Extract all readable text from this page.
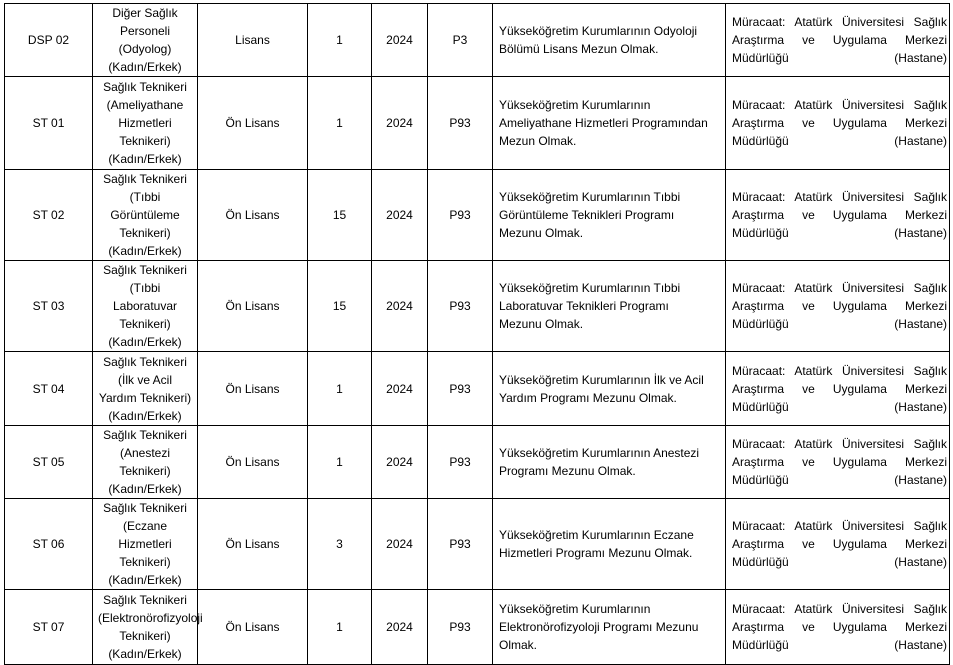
DSP 02	Diğer Sağlık Personeli (Odyolog) (Kadın/Erkek)	Lisans	1	2024	P3	Yükseköğretim Kurumlarının Odyoloji Bölümü Lisans Mezun Olmak.	Müracaat: Atatürk Üniversitesi Sağlık Araştırma ve Uygulama Merkezi Müdürlüğü (Hastane)
ST 01	Sağlık Teknikeri (Ameliyathane Hizmetleri Teknikeri) (Kadın/Erkek)	Ön Lisans	1	2024	P93	Yükseköğretim Kurumlarının Ameliyathane Hizmetleri Programından Mezun Olmak.	Müracaat: Atatürk Üniversitesi Sağlık Araştırma ve Uygulama Merkezi Müdürlüğü (Hastane)
ST 02	Sağlık Teknikeri (Tıbbi Görüntüleme Teknikeri) (Kadın/Erkek)	Ön Lisans	15	2024	P93	Yükseköğretim Kurumlarının Tıbbi Görüntüleme Teknikleri Programı Mezunu Olmak.	Müracaat: Atatürk Üniversitesi Sağlık Araştırma ve Uygulama Merkezi Müdürlüğü (Hastane)
ST 03	Sağlık Teknikeri (Tıbbi Laboratuvar Teknikeri) (Kadın/Erkek)	Ön Lisans	15	2024	P93	Yükseköğretim Kurumlarının Tıbbi Laboratuvar Teknikleri Programı Mezunu Olmak.	Müracaat: Atatürk Üniversitesi Sağlık Araştırma ve Uygulama Merkezi Müdürlüğü (Hastane)
ST 04	Sağlık Teknikeri (İlk ve Acil Yardım Teknikeri) (Kadın/Erkek)	Ön Lisans	1	2024	P93	Yükseköğretim Kurumlarının İlk ve Acil Yardım Programı Mezunu Olmak.	Müracaat: Atatürk Üniversitesi Sağlık Araştırma ve Uygulama Merkezi Müdürlüğü (Hastane)
ST 05	Sağlık Teknikeri (Anestezi Teknikeri) (Kadın/Erkek)	Ön Lisans	1	2024	P93	Yükseköğretim Kurumlarının Anestezi Programı Mezunu Olmak.	Müracaat: Atatürk Üniversitesi Sağlık Araştırma ve Uygulama Merkezi Müdürlüğü (Hastane)
ST 06	Sağlık Teknikeri (Eczane Hizmetleri Teknikeri) (Kadın/Erkek)	Ön Lisans	3	2024	P93	Yükseköğretim Kurumlarının Eczane Hizmetleri Programı Mezunu Olmak.	Müracaat: Atatürk Üniversitesi Sağlık Araştırma ve Uygulama Merkezi Müdürlüğü (Hastane)
ST 07	Sağlık Teknikeri (Elektronörofizyoloji Teknikeri) (Kadın/Erkek)	Ön Lisans	1	2024	P93	Yükseköğretim Kurumlarının Elektronörofizyoloji Programı Mezunu Olmak.	Müracaat: Atatürk Üniversitesi Sağlık Araştırma ve Uygulama Merkezi Müdürlüğü (Hastane)
